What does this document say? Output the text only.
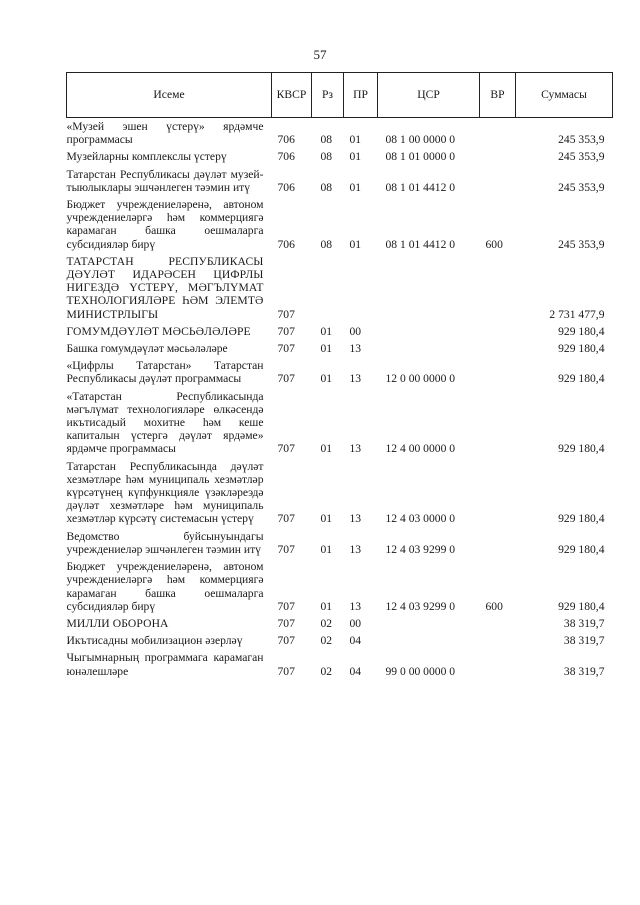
57
Исеме	КВСР	Рз	ПР	ЦСР	ВР	Суммасы
«Музей эшен үстерү» ярдәмче программасы	706	08	01	08 1 00 0000 0		245 353,9
Музейларны комплекслы үстерү	706	08	01	08 1 01 0000 0		245 353,9
Татарстан Республикасы дәүләт музей-тыюлыклары эшчәнлеген тәэмин итү	706	08	01	08 1 01 4412 0		245 353,9
Бюджет учреждениеләренә, автоном учреждениеләргә һәм коммерциягә карамаган башка оешмаларга субсидияләр бирү	706	08	01	08 1 01 4412 0	600	245 353,9
ТАТАРСТАН РЕСПУБЛИКАСЫ ДӘҮЛӘТ ИДАРӘСЕН ЦИФРЛЫ НИГЕЗДӘ ҮСТЕРҮ, МӘГЪЛҮМАТ ТЕХНОЛОГИЯЛӘРЕ ҺӘМ ЭЛЕМТӘ МИНИСТРЛЫГЫ	707					2 731 477,9
ГОМУМДӘҮЛӘТ МӘСЬӘЛӘЛӘРЕ	707	01	00			929 180,4
Башка гомумдәүләт мәсьәләләре	707	01	13			929 180,4
«Цифрлы Татарстан» Татарстан Республикасы дәүләт программасы	707	01	13	12 0 00 0000 0		929 180,4
«Татарстан Республикасында мәгълүмат технологияләре өлкәсендә икътисадый мохитне һәм кеше капиталын үстергә дәүләт ярдәме» ярдәмче программасы	707	01	13	12 4 00 0000 0		929 180,4
Татарстан Республикасында дәүләт хезмәтләре һәм муниципаль хезмәтләр күрсәтүнең күпфункцияле үзәкләреэдә дәүләт хезмәтләре һәм муниципаль хезмәтләр күрсәтү системасын үстерү	707	01	13	12 4 03 0000 0		929 180,4
Ведомство буйсынуындагы учреждениеләр эшчәнлеген тәэмин итү	707	01	13	12 4 03 9299 0		929 180,4
Бюджет учреждениеләренә, автоном учреждениеләргә һәм коммерциягә карамаган башка оешмаларга субсидияләр бирү	707	01	13	12 4 03 9299 0	600	929 180,4
МИЛЛИ ОБОРОНА	707	02	00			38 319,7
Икътисадны мобилизацион әзерләү	707	02	04			38 319,7
Чыгымнарның программага карамаган юнәлешләре	707	02	04	99 0 00 0000 0		38 319,7
